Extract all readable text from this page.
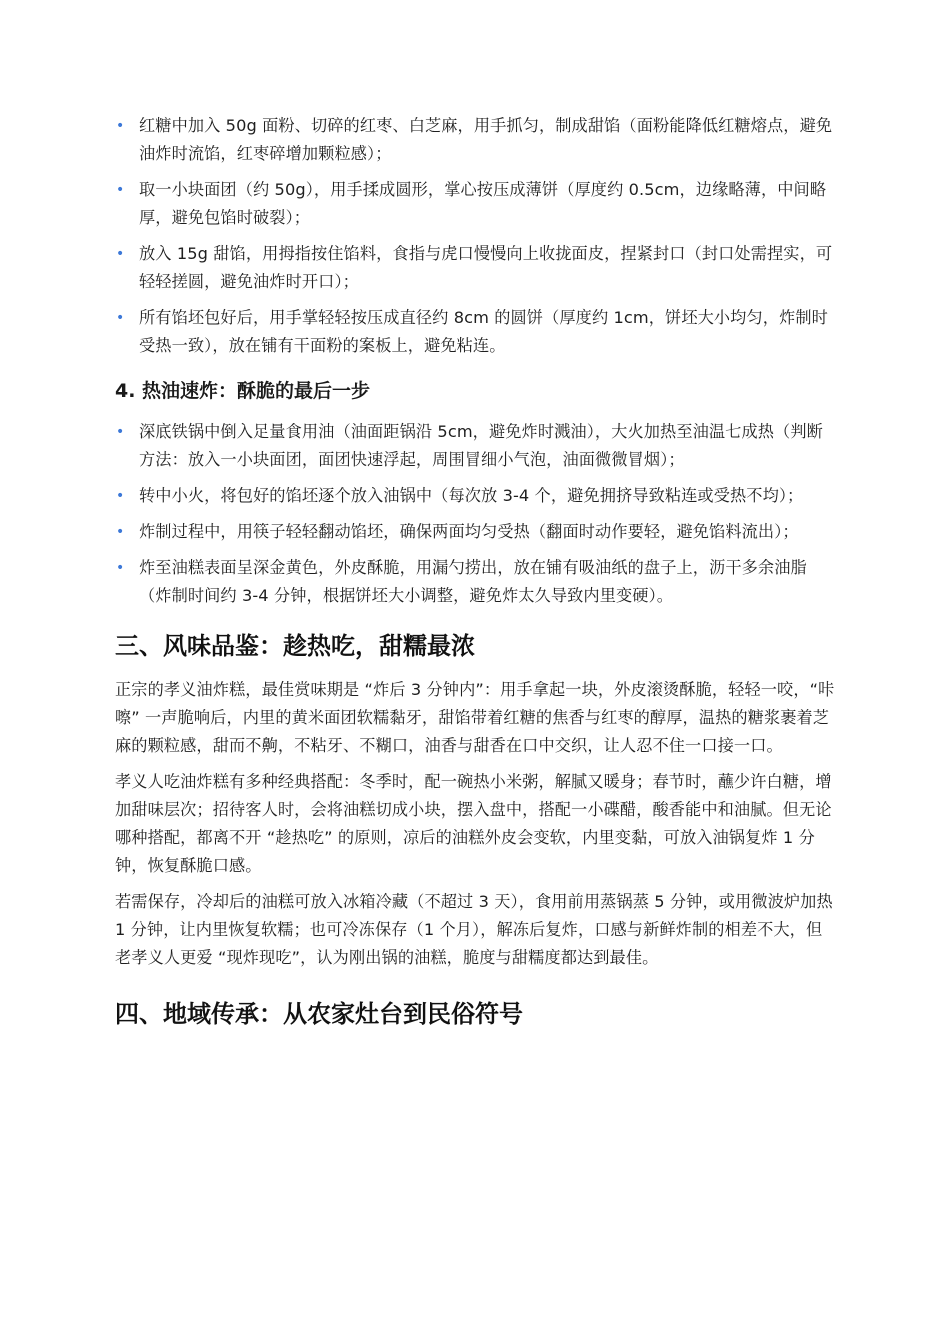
• 红糖中加入 50g 面粉、切碎的红枣、白芝麻，用手抓匀，制成甜馅（面粉能降低红糖熔点，避免油炸时流馅，红枣碎增加颗粒感）；
• 取一小块面团（约 50g），用手揉成圆形，掌心按压成薄饼（厚度约 0.5cm，边缘略薄，中间略厚，避免包馅时破裂）；
• 放入 15g 甜馅，用拇指按住馅料，食指与虎口慢慢向上收拢面皮，捏紧封口（封口处需捏实，可轻轻搓圆，避免油炸时开口）；
• 所有馅坯包好后，用手掌轻轻按压成直径约 8cm 的圆饼（厚度约 1cm，饼坯大小均匀，炸制时受热一致），放在铺有干面粉的案板上，避免粘连。
4. 热油速炸：酥脆的最后一步
• 深底铁锅中倒入足量食用油（油面距锅沿 5cm，避免炸时溅油），大火加热至油温七成热（判断方法：放入一小块面团，面团快速浮起，周围冒细小气泡，油面微微冒烟）；
• 转中小火，将包好的馅坯逐个放入油锅中（每次放 3-4 个，避免拥挤导致粘连或受热不均）；
• 炸制过程中，用筷子轻轻翻动馅坯，确保两面均匀受热（翻面时动作要轻，避免馅料流出）；
• 炸至油糕表面呈深金黄色，外皮酥脆，用漏勺捞出，放在铺有吸油纸的盘子上，沥干多余油脂（炸制时间约 3-4 分钟，根据饼坯大小调整，避免炸太久导致内里变硬）。
三、风味品鉴：趁热吃，甜糯最浓

正宗的孝义油炸糕，最佳赏味期是 “炸后 3 分钟内”：用手拿起一块，外皮滚烫酥脆，轻轻一咬，“咔嚓” 一声脆响后，内里的黄米面团软糯黏牙，甜馅带着红糖的焦香与红枣的醇厚，温热的糖浆裹着芝麻的颗粒感，甜而不齁，不粘牙、不糊口，油香与甜香在口中交织，让人忍不住一口接一口。

孝义人吃油炸糕有多种经典搭配：冬季时，配一碗热小米粥，解腻又暖身；春节时，蘸少许白糖，增加甜味层次；招待客人时，会将油糕切成小块，摆入盘中，搭配一小碟醋，酸香能中和油腻。但无论哪种搭配，都离不开 “趁热吃” 的原则，凉后的油糕外皮会变软，内里变黏，可放入油锅复炸 1 分钟，恢复酥脆口感。

若需保存，冷却后的油糕可放入冰箱冷藏（不超过 3 天），食用前用蒸锅蒸 5 分钟，或用微波炉加热 1 分钟，让内里恢复软糯；也可冷冻保存（1 个月），解冻后复炸，口感与新鲜炸制的相差不大，但老孝义人更爱 “现炸现吃”，认为刚出锅的油糕，脆度与甜糯度都达到最佳。

四、地域传承：从农家灶台到民俗符号
